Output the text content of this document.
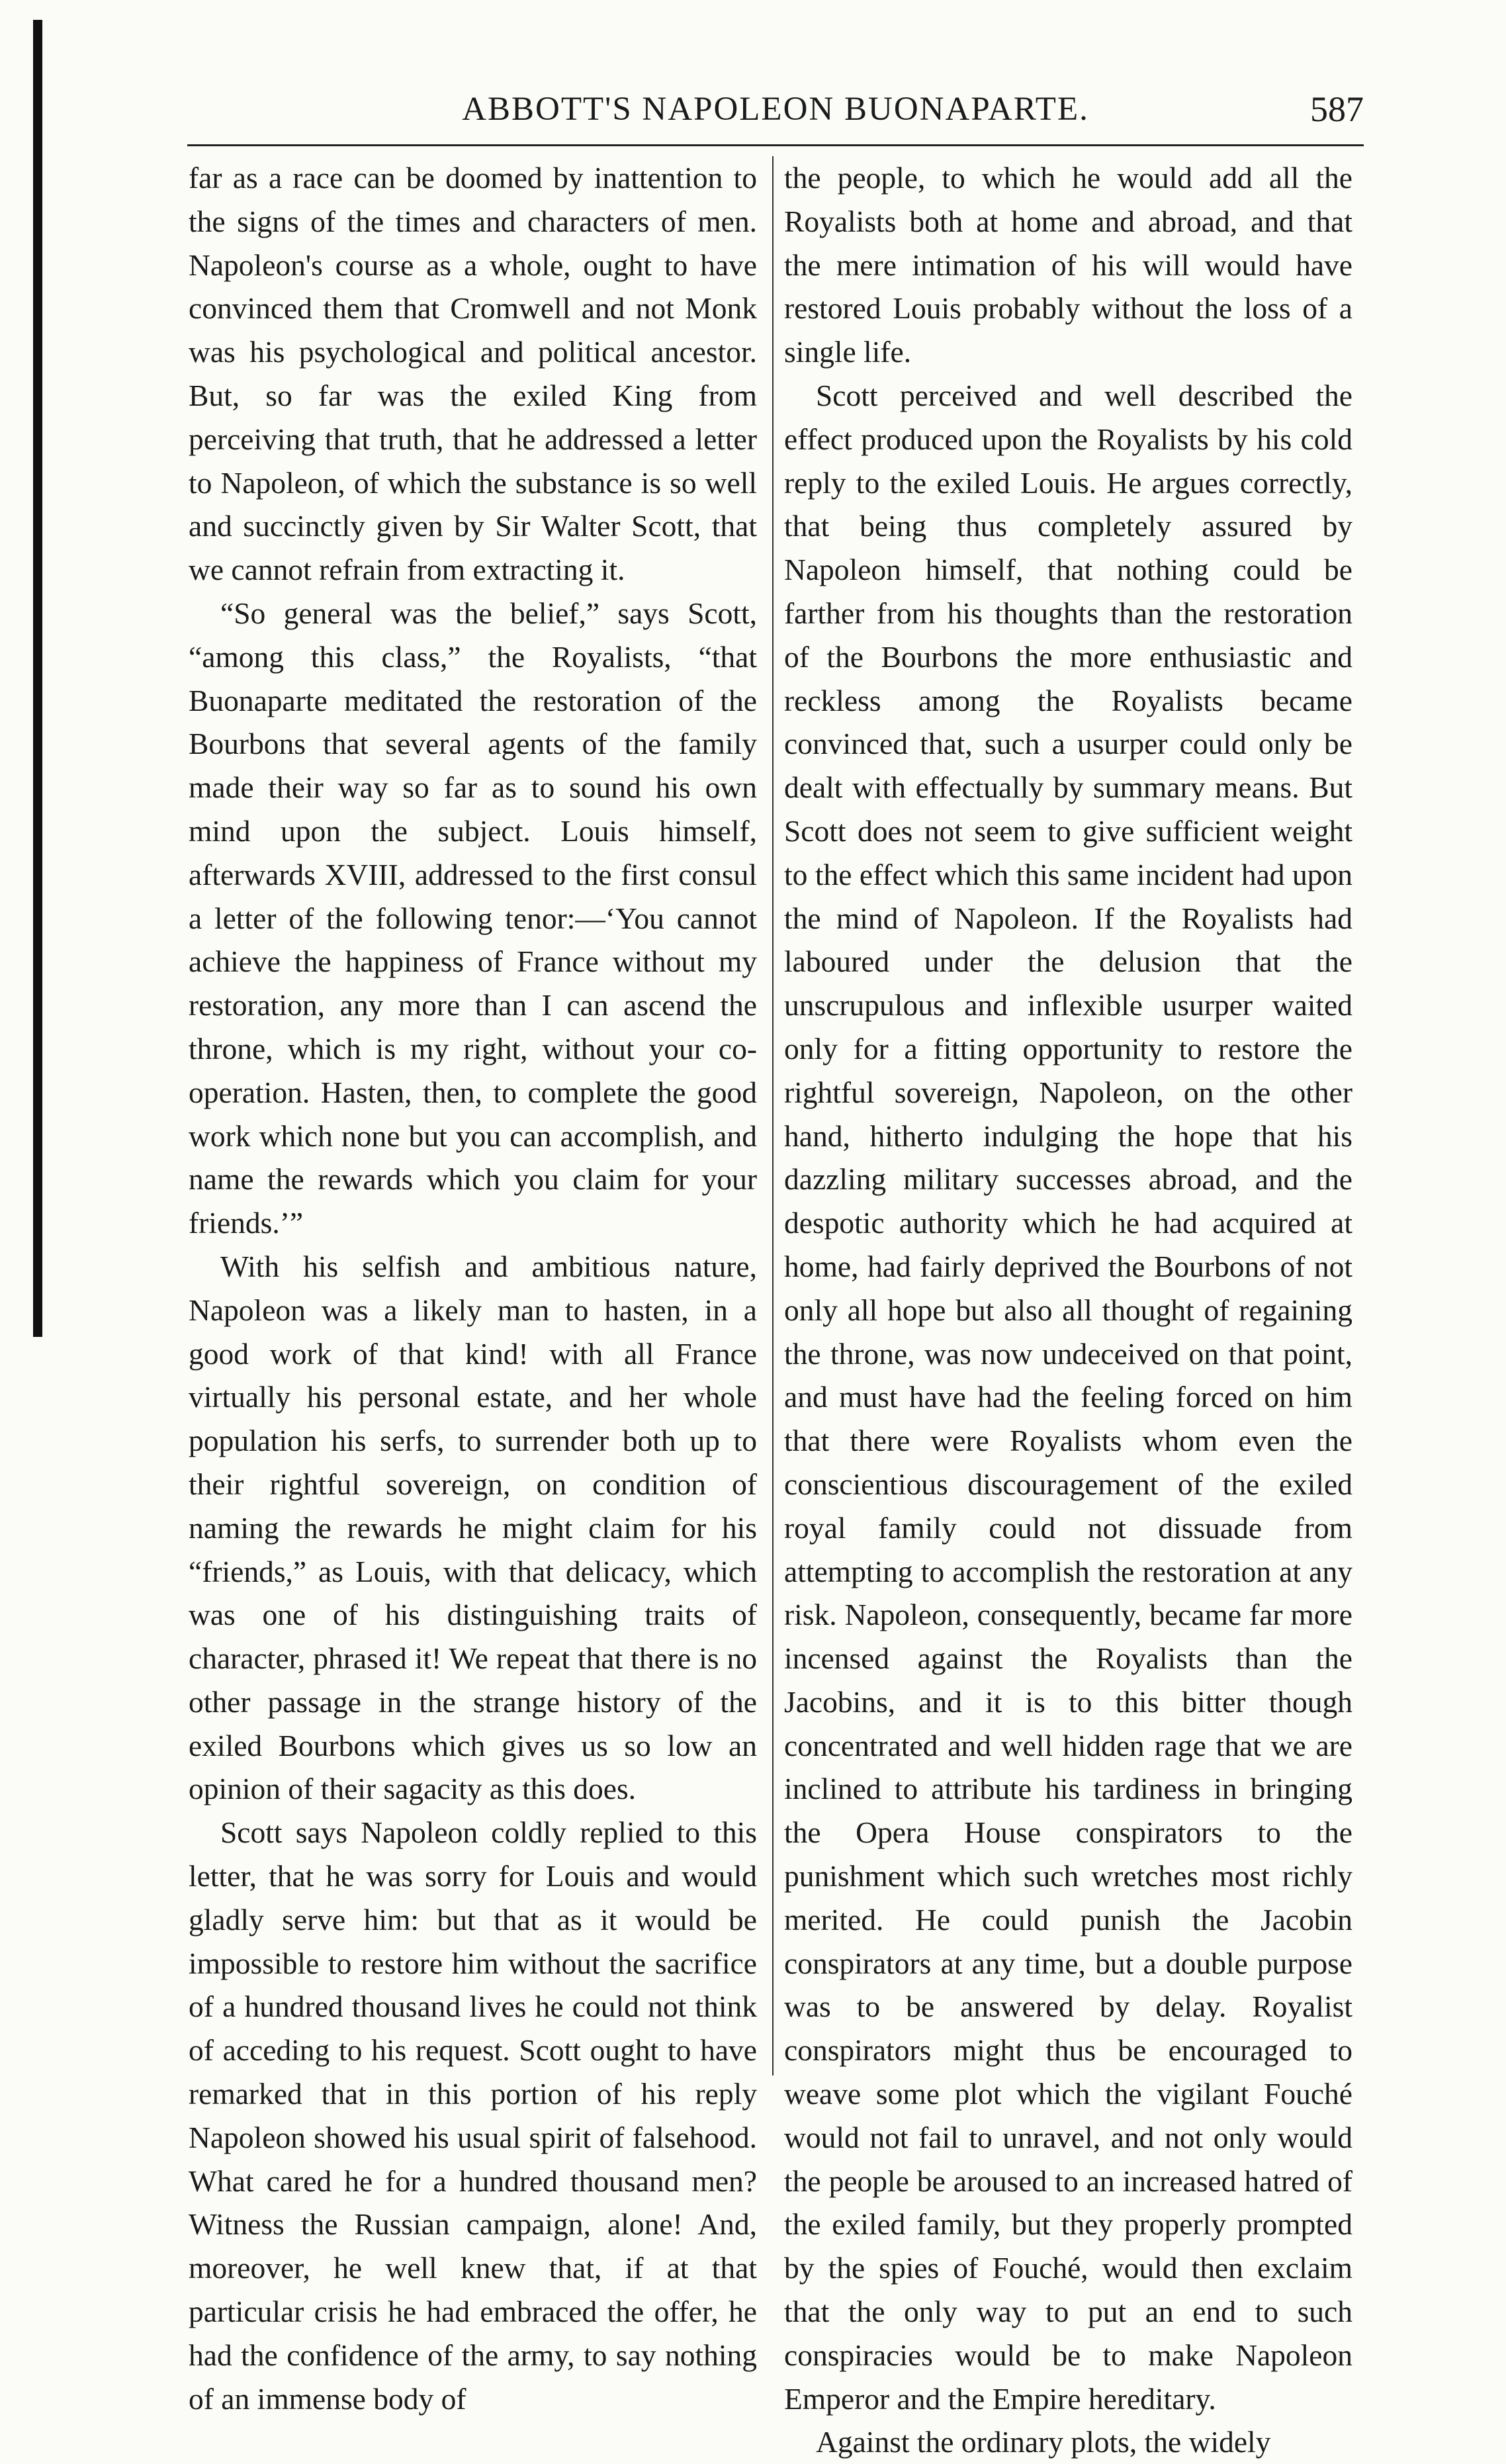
ABBOTT'S NAPOLEON BUONAPARTE.	587

far as a race can be doomed by inattention to the signs of the times and characters of men. Napoleon's course as a whole, ought to have convinced them that Cromwell and not Monk was his psychological and political ancestor. But, so far was the exiled King from perceiving that truth, that he addressed a letter to Napoleon, of which the substance is so well and succinctly given by Sir Walter Scott, that we cannot refrain from extracting it.

“So general was the belief,” says Scott, “among this class,” the Royalists, “that Buonaparte meditated the restoration of the Bourbons that several agents of the family made their way so far as to sound his own mind upon the subject. Louis himself, afterwards XVIII, addressed to the first consul a letter of the following tenor:—‘You cannot achieve the happiness of France without my restoration, any more than I can ascend the throne, which is my right, without your co-operation. Hasten, then, to complete the good work which none but you can accomplish, and name the rewards which you claim for your friends.’”

With his selfish and ambitious nature, Napoleon was a likely man to hasten, in a good work of that kind! with all France virtually his personal estate, and her whole population his serfs, to surrender both up to their rightful sovereign, on condition of naming the rewards he might claim for his “friends,” as Louis, with that delicacy, which was one of his distinguishing traits of character, phrased it! We repeat that there is no other passage in the strange history of the exiled Bourbons which gives us so low an opinion of their sagacity as this does.

Scott says Napoleon coldly replied to this letter, that he was sorry for Louis and would gladly serve him: but that as it would be impossible to restore him without the sacrifice of a hundred thousand lives he could not think of acceding to his request. Scott ought to have remarked that in this portion of his reply Napoleon showed his usual spirit of falsehood. What cared he for a hundred thousand men? Witness the Russian campaign, alone! And, moreover, he well knew that, if at that particular crisis he had embraced the offer, he had the confidence of the army, to say nothing of an immense body of

the people, to which he would add all the Royalists both at home and abroad, and that the mere intimation of his will would have restored Louis probably without the loss of a single life.

Scott perceived and well described the effect produced upon the Royalists by his cold reply to the exiled Louis. He argues correctly, that being thus completely assured by Napoleon himself, that nothing could be farther from his thoughts than the restoration of the Bourbons the more enthusiastic and reckless among the Royalists became convinced that, such a usurper could only be dealt with effectually by summary means. But Scott does not seem to give sufficient weight to the effect which this same incident had upon the mind of Napoleon. If the Royalists had laboured under the delusion that the unscrupulous and inflexible usurper waited only for a fitting opportunity to restore the rightful sovereign, Napoleon, on the other hand, hitherto indulging the hope that his dazzling military successes abroad, and the despotic authority which he had acquired at home, had fairly deprived the Bourbons of not only all hope but also all thought of regaining the throne, was now undeceived on that point, and must have had the feeling forced on him that there were Royalists whom even the conscientious discouragement of the exiled royal family could not dissuade from attempting to accomplish the restoration at any risk. Napoleon, consequently, became far more incensed against the Royalists than the Jacobins, and it is to this bitter though concentrated and well hidden rage that we are inclined to attribute his tardiness in bringing the Opera House conspirators to the punishment which such wretches most richly merited. He could punish the Jacobin conspirators at any time, but a double purpose was to be answered by delay. Royalist conspirators might thus be encouraged to weave some plot which the vigilant Fouché would not fail to unravel, and not only would the people be aroused to an increased hatred of the exiled family, but they properly prompted by the spies of Fouché, would then exclaim that the only way to put an end to such conspiracies would be to make Napoleon Emperor and the Empire hereditary.

Against the ordinary plots, the widely
